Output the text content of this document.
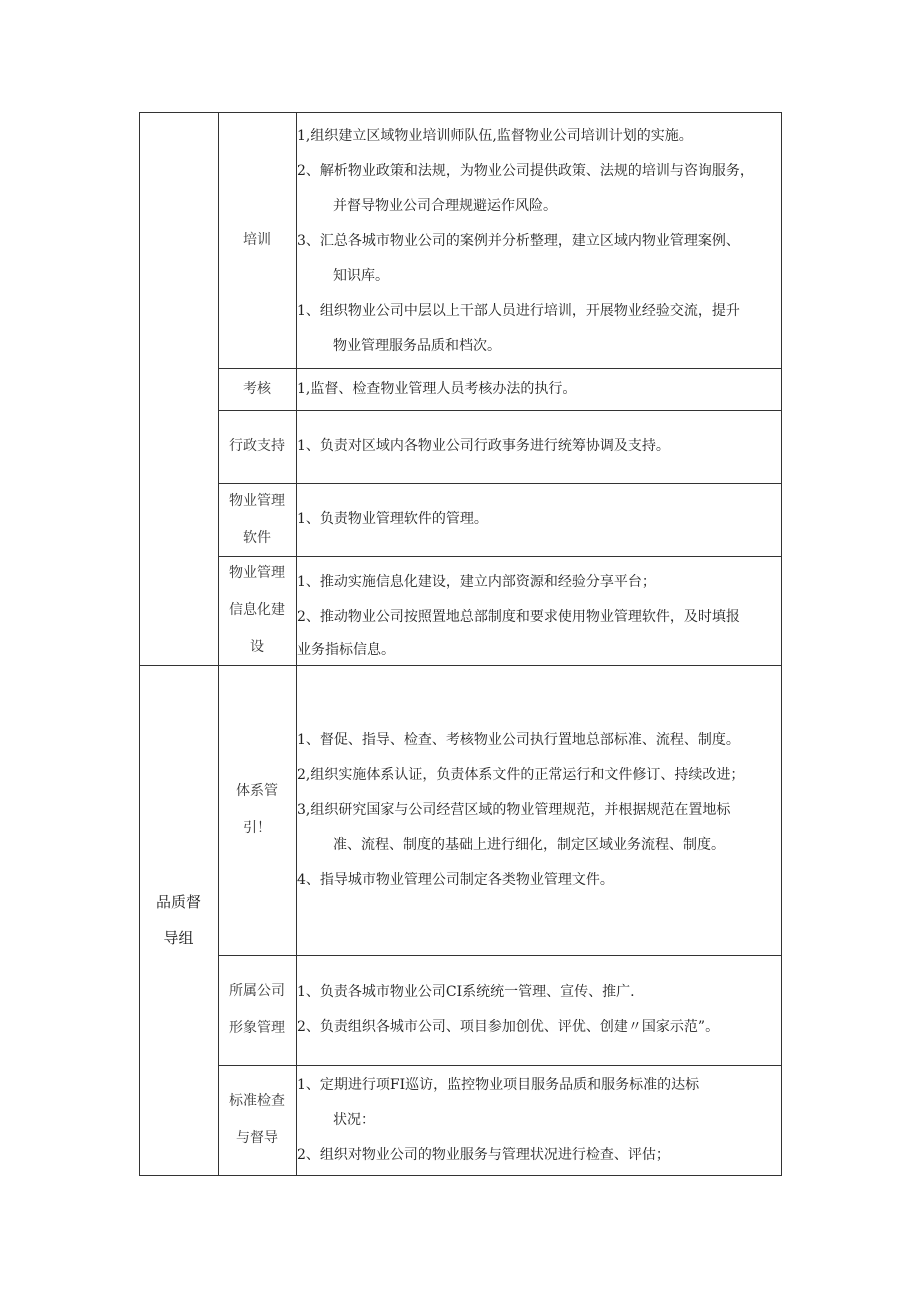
培训
1,组织建立区域物业培训师队伍,监督物业公司培训计划的实施。
2、解析物业政策和法规，为物业公司提供政策、法规的培训与咨询服务，
并督导物业公司合理规避运作风险。
3、汇总各城市物业公司的案例并分析整理，建立区域内物业管理案例、
知识库。
1、组织物业公司中层以上干部人员进行培训，开展物业经验交流，提升
物业管理服务品质和档次。
考核	1,监督、检查物业管理人员考核办法的执行。
行政支持 1、负责对区域内各物业公司行政事务进行统筹协调及支持。
物业管理软件
1、负责物业管理软件的管理。
物业管理信息化建设
1、推动实施信息化建设，建立内部资源和经验分享平台；
2、推动物业公司按照置地总部制度和要求使用物业管理软件，及时填报
业务指标信息。
品质督导组
体系管引！
1、督促、指导、检查、考核物业公司执行置地总部标准、流程、制度。
2,组织实施体系认证，负责体系文件的正常运行和文件修订、持续改进；
3,组织研究国家与公司经营区域的物业管理规范，并根据规范在置地标
准、流程、制度的基础上进行细化，制定区域业务流程、制度。
4、指导城市物业管理公司制定各类物业管理文件。
所属公司形象管理
1、负责各城市物业公司CI系统统一管理、宣传、推广.
2、负责组织各城市公司、项目参加创优、评优、创建〃国家示范”。
标准检查与督导
1、定期进行项FI巡访，监控物业项目服务品质和服务标准的达标
状况：
2、组织对物业公司的物业服务与管理状况进行检查、评估；
